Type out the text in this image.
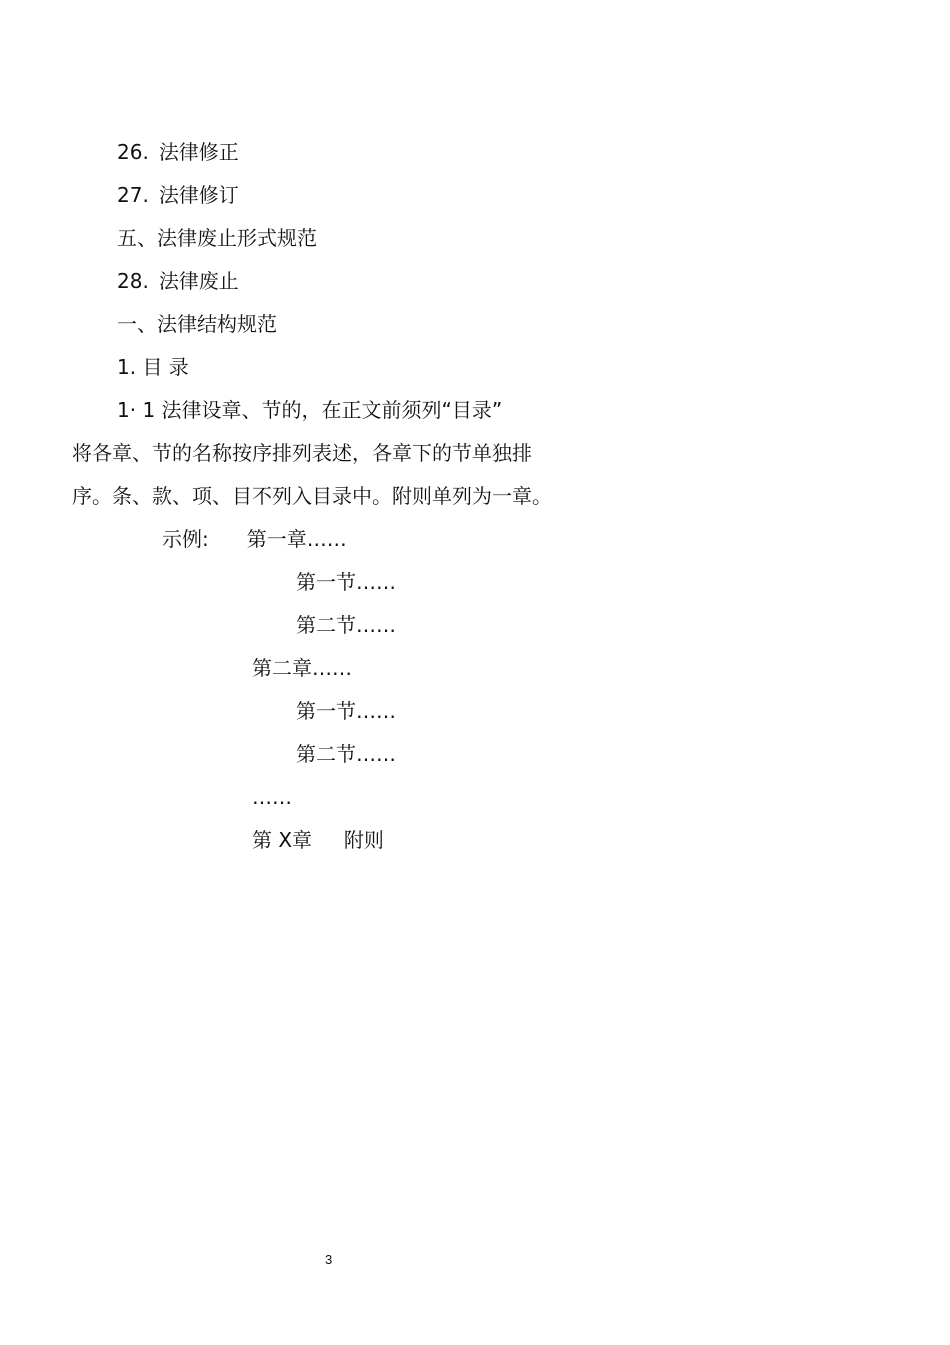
26. 法律修正
27. 法律修订
五、法律废止形式规范
28. 法律废止
一、法律结构规范
1. 目 录
1· 1 法律设章、节的，在正文前须列“目录”
将各章、节的名称按序排列表述，各章下的节单独排
序。条、款、项、目不列入目录中。附则单列为一章。
示例: 第一章……
第一节……
第二节……
第二章……
第一节……
第二节……
……
第 X章     附则
3
